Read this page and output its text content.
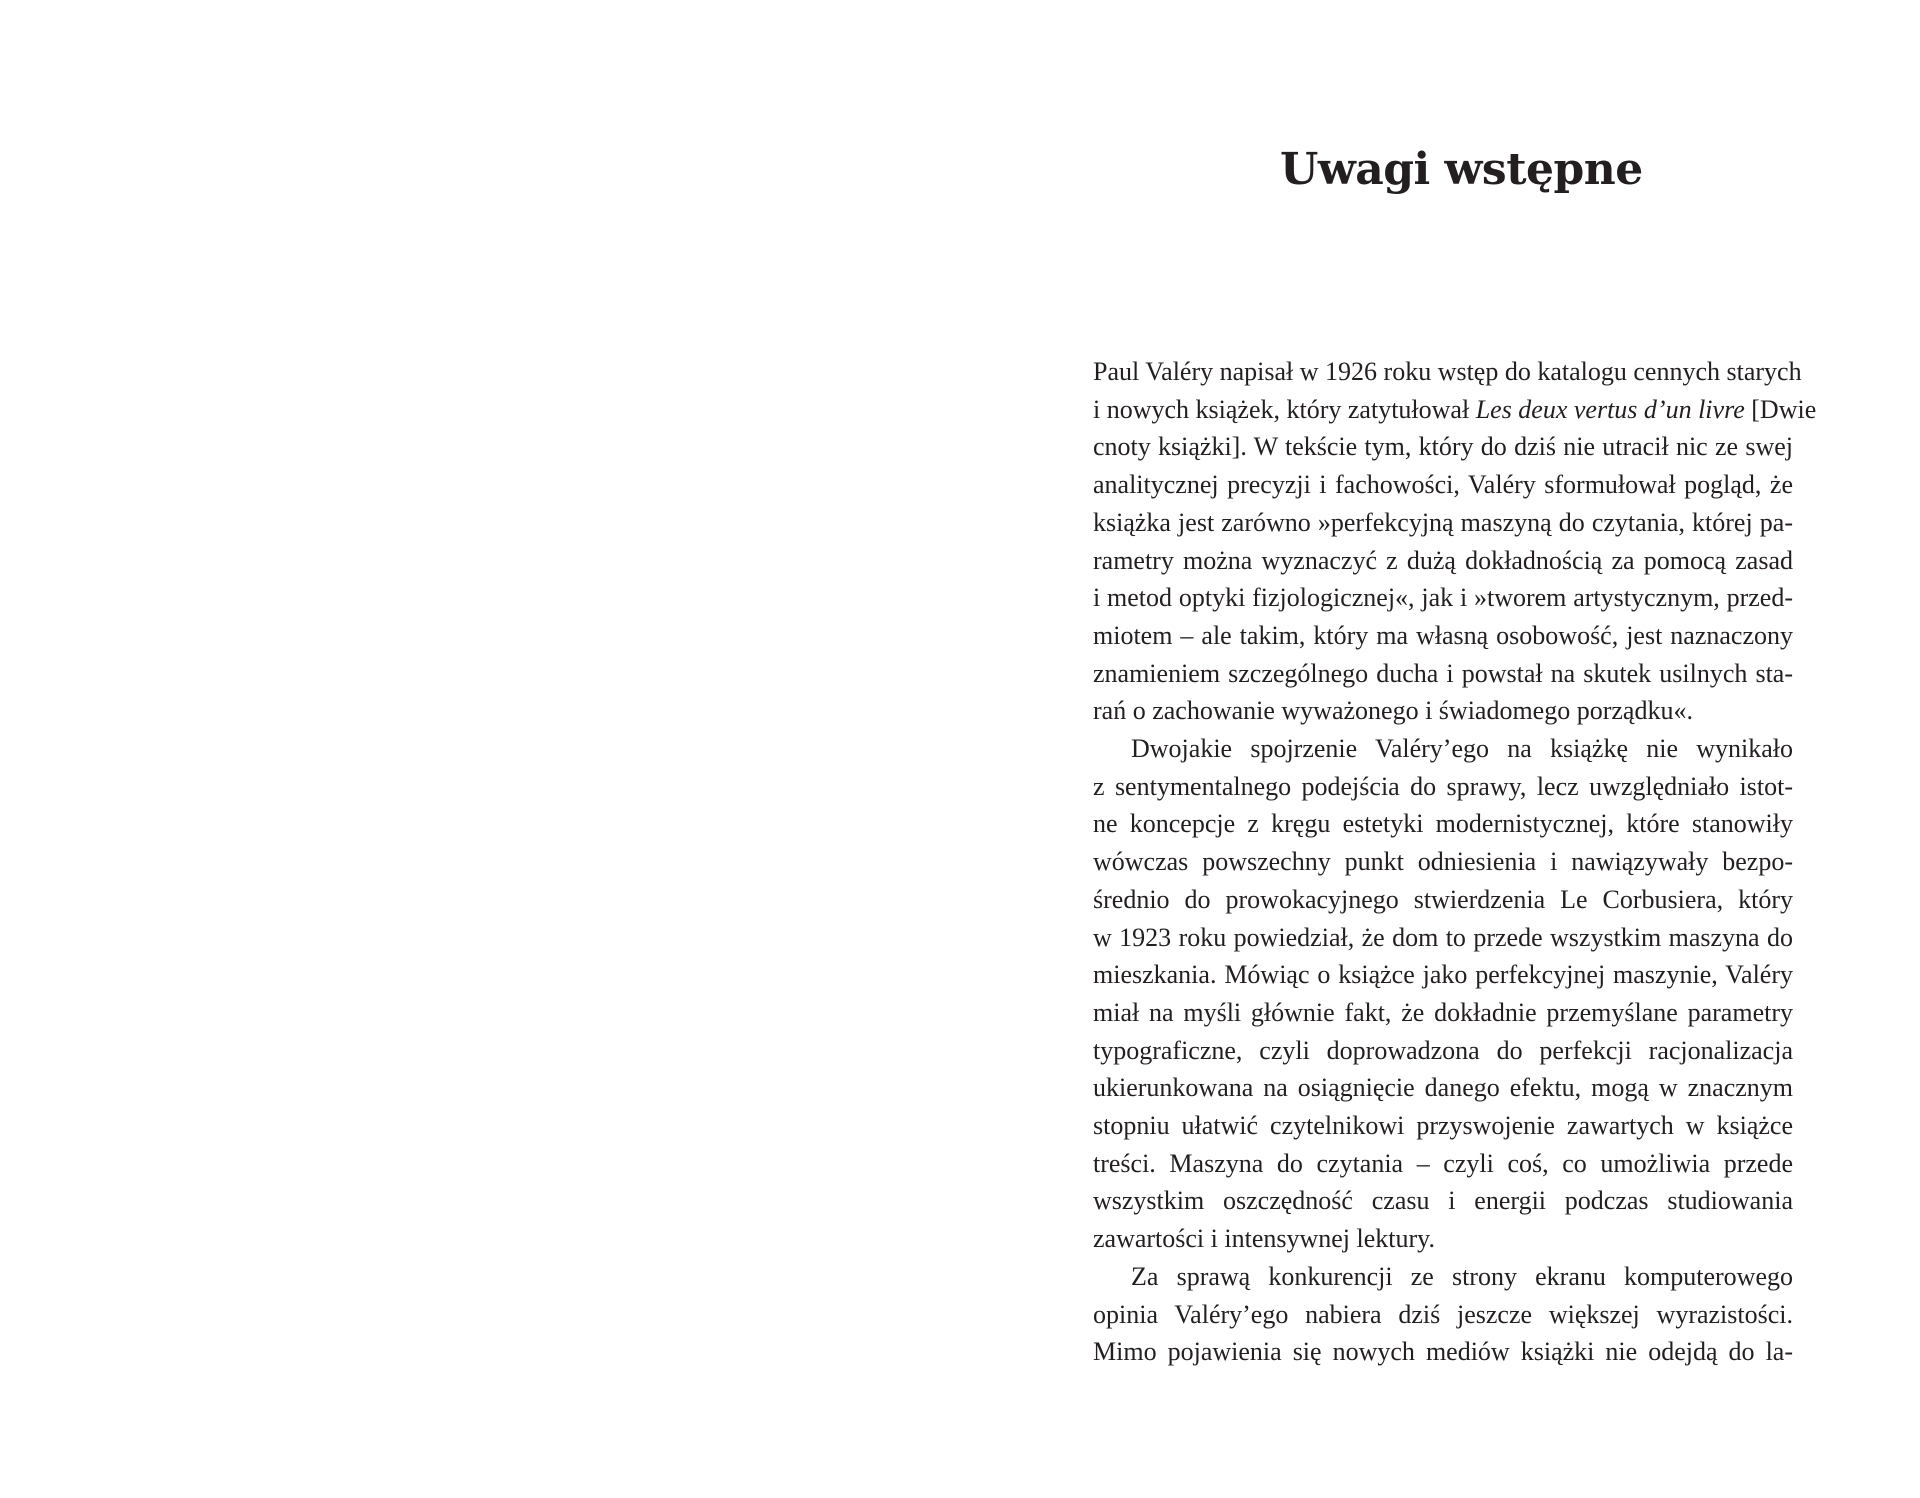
Uwagi wstępne

Paul Valéry napisał w 1926 roku wstęp do katalogu cennych starych
i nowych książek, który zatytułował Les deux vertus d’un livre [Dwie
cnoty książki]. W tekście tym, który do dziś nie utracił nic ze swej
analitycznej precyzji i fachowości, Valéry sformułował pogląd, że
książka jest zarówno »perfekcyjną maszyną do czytania, której pa-
rametry można wyznaczyć z dużą dokładnością za pomocą zasad
i metod optyki fizjologicznej«, jak i »tworem artystycznym, przed-
miotem – ale takim, który ma własną osobowość, jest naznaczony
znamieniem szczególnego ducha i powstał na skutek usilnych sta-
rań o zachowanie wyważonego i świadomego porządku«.

Dwojakie spojrzenie Valéry’ego na książkę nie wynikało
z sentymentalnego podejścia do sprawy, lecz uwzględniało istot-
ne koncepcje z kręgu estetyki modernistycznej, które stanowiły
wówczas powszechny punkt odniesienia i nawiązywały bezpo-
średnio do prowokacyjnego stwierdzenia Le Corbusiera, który
w 1923 roku powiedział, że dom to przede wszystkim maszyna do
mieszkania. Mówiąc o książce jako perfekcyjnej maszynie, Valéry
miał na myśli głównie fakt, że dokładnie przemyślane parametry
typograficzne, czyli doprowadzona do perfekcji racjonalizacja
ukierunkowana na osiągnięcie danego efektu, mogą w znacznym
stopniu ułatwić czytelnikowi przyswojenie zawartych w książce
treści. Maszyna do czytania – czyli coś, co umożliwia przede
wszystkim oszczędność czasu i energii podczas studiowania
zawartości i intensywnej lektury.

Za sprawą konkurencji ze strony ekranu komputerowego
opinia Valéry’ego nabiera dziś jeszcze większej wyrazistości.
Mimo pojawienia się nowych mediów książki nie odejdą do la-
